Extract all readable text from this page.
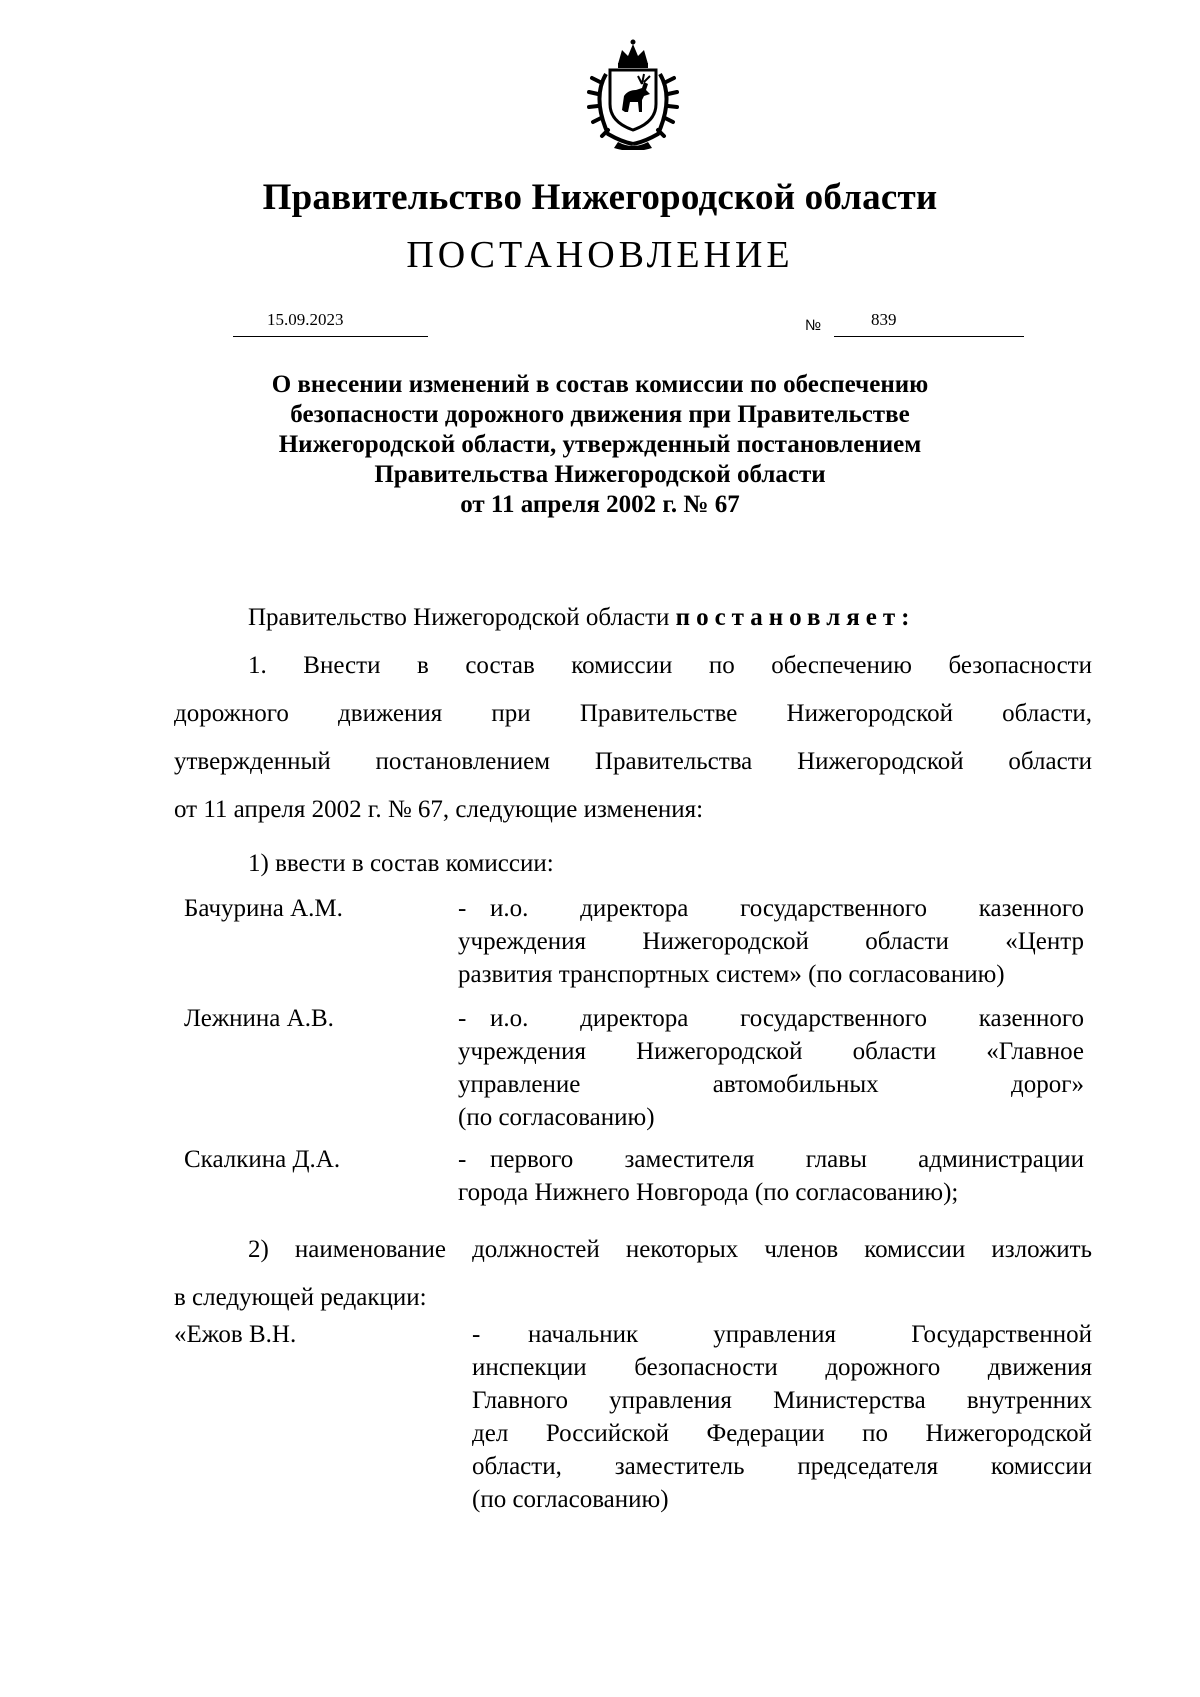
Правительство Нижегородской области
ПОСТАНОВЛЕНИЕ
15.09.2023	№	839
О внесении изменений в состав комиссии по обеспечению
безопасности дорожного движения при Правительстве
Нижегородской области, утвержденный постановлением
Правительства Нижегородской области
от 11 апреля 2002 г. № 67
Правительство Нижегородской области постановляет:
1. Внести в состав комиссии по обеспечению безопасности
дорожного движения при Правительстве Нижегородской области,
утвержденный постановлением Правительства Нижегородской области
от 11 апреля 2002 г. № 67, следующие изменения:
1) ввести в состав комиссии:
Бачурина А.М.	- и.о. директора государственного казенного
учреждения Нижегородской области «Центр
развития транспортных систем» (по согласованию)
Лежнина А.В.	- и.о. директора государственного казенного
учреждения Нижегородской области «Главное
управление автомобильных дорог»
(по согласованию)
Скалкина Д.А.	- первого заместителя главы администрации
города Нижнего Новгорода (по согласованию);
2) наименование должностей некоторых членов комиссии изложить
в следующей редакции:
«Ежов В.Н.	-	начальник управления Государственной
инспекции безопасности дорожного движения
Главного управления Министерства внутренних
дел Российской Федерации по Нижегородской
области, заместитель председателя комиссии
(по согласованию)
